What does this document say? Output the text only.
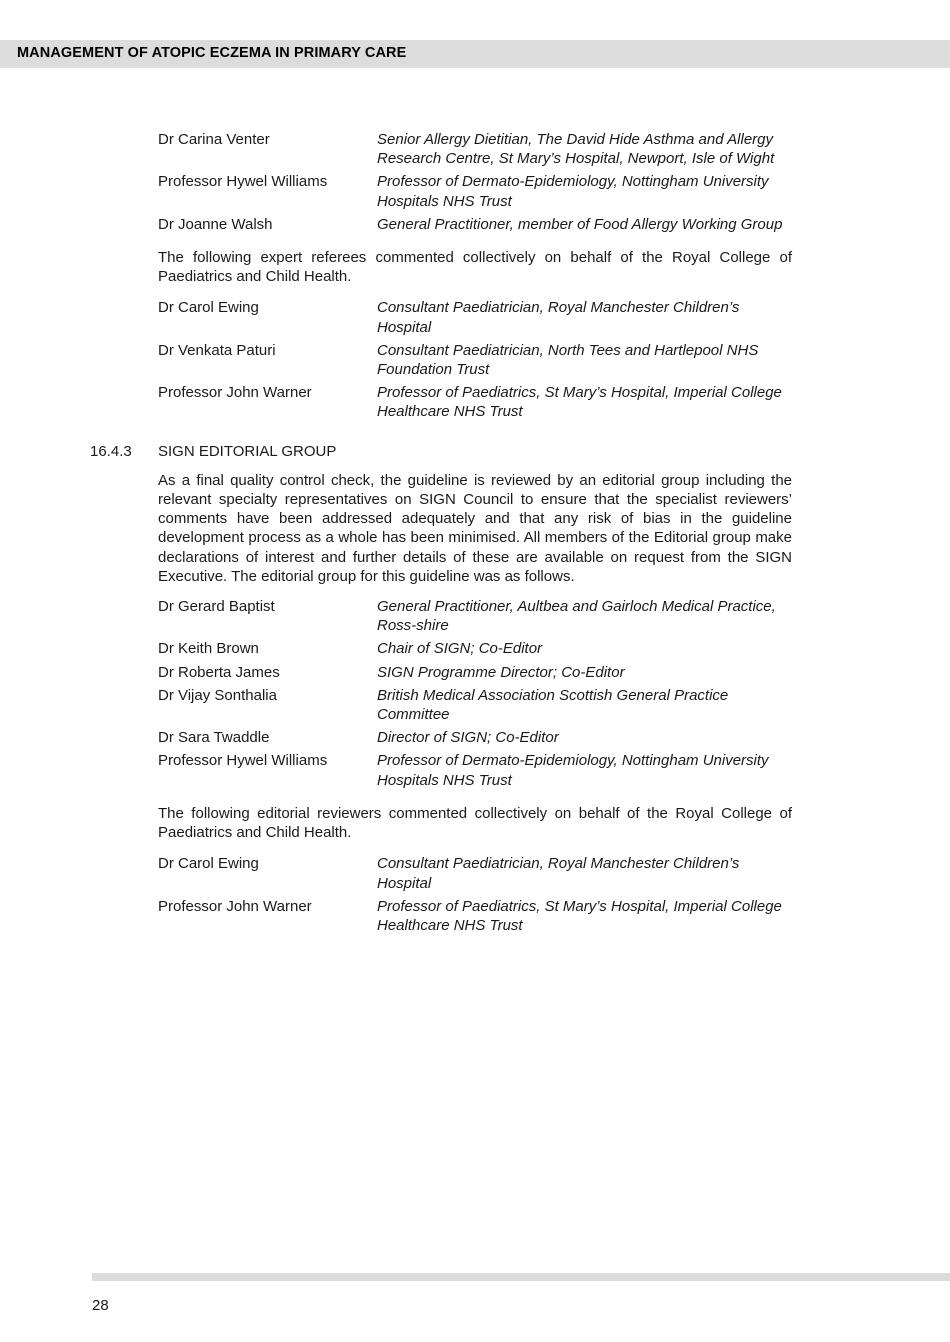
MANAGEMENT OF ATOPIC ECZEMA IN PRIMARY CARE
Dr Carina Venter	Senior Allergy Dietitian, The David Hide Asthma and Allergy Research Centre, St Mary’s Hospital, Newport, Isle of Wight
Professor Hywel Williams	Professor of Dermato-Epidemiology, Nottingham University Hospitals NHS Trust
Dr Joanne Walsh	General Practitioner, member of Food Allergy Working Group

The following expert referees commented collectively on behalf of the Royal College of Paediatrics and Child Health.

Dr Carol Ewing	Consultant Paediatrician, Royal Manchester Children’s Hospital
Dr Venkata Paturi	Consultant Paediatrician, North Tees and Hartlepool NHS Foundation Trust
Professor John Warner	Professor of Paediatrics, St Mary’s Hospital, Imperial College Healthcare NHS Trust
16.4.3 SIGN EDITORIAL GROUP

As a final quality control check, the guideline is reviewed by an editorial group including the relevant specialty representatives on SIGN Council to ensure that the specialist reviewers’ comments have been addressed adequately and that any risk of bias in the guideline development process as a whole has been minimised. All members of the Editorial group make declarations of interest and further details of these are available on request from the SIGN Executive. The editorial group for this guideline was as follows.

Dr Gerard Baptist	General Practitioner, Aultbea and Gairloch Medical Practice, Ross-shire
Dr Keith Brown	Chair of SIGN; Co-Editor
Dr Roberta James	SIGN Programme Director; Co-Editor
Dr Vijay Sonthalia	British Medical Association Scottish General Practice Committee
Dr Sara Twaddle	Director of SIGN; Co-Editor
Professor Hywel Williams	Professor of Dermato-Epidemiology, Nottingham University Hospitals NHS Trust

The following editorial reviewers commented collectively on behalf of the Royal College of Paediatrics and Child Health.

Dr Carol Ewing	Consultant Paediatrician, Royal Manchester Children’s Hospital
Professor John Warner	Professor of Paediatrics, St Mary’s Hospital, Imperial College Healthcare NHS Trust
28
